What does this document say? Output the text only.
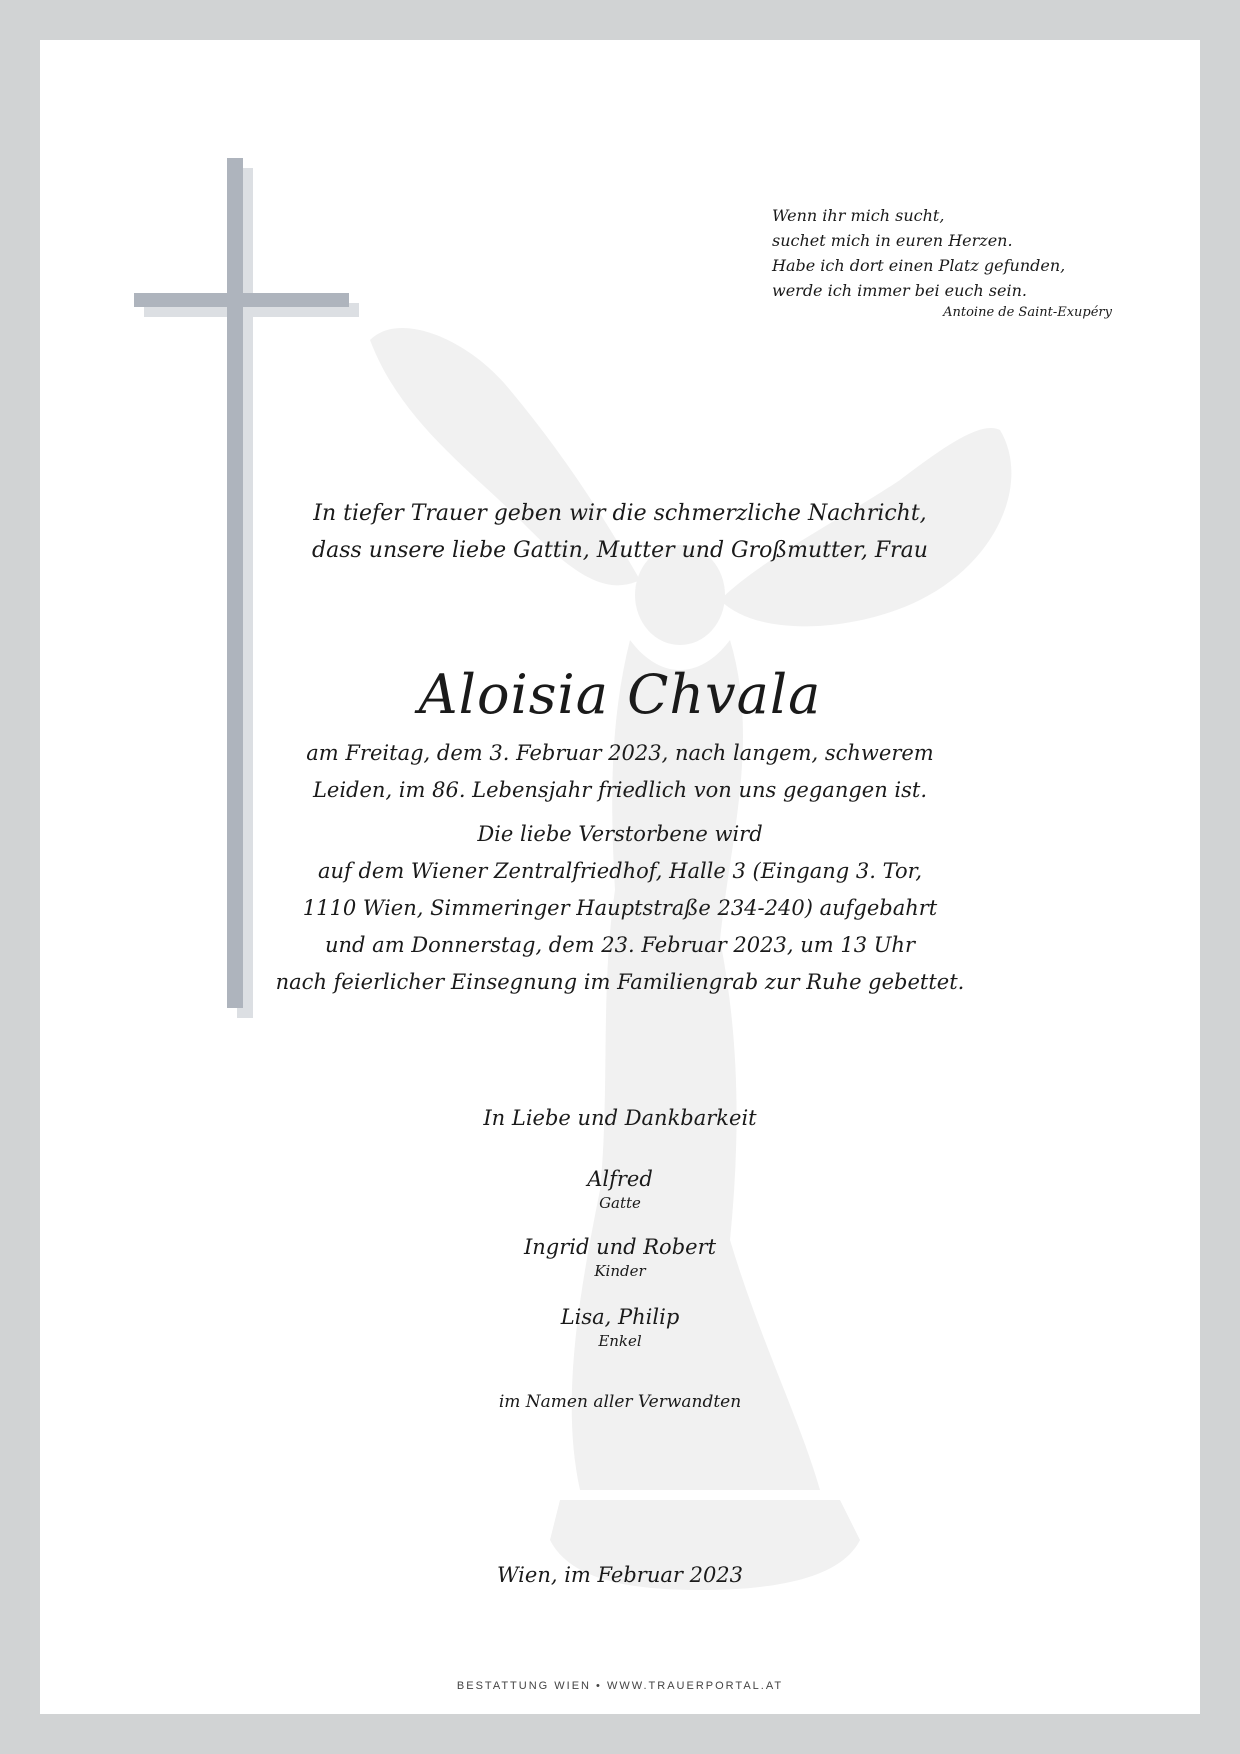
Wenn ihr mich sucht,
suchet mich in euren Herzen.
Habe ich dort einen Platz gefunden,
werde ich immer bei euch sein.
Antoine de Saint-Exupéry
In tiefer Trauer geben wir die schmerzliche Nachricht,
dass unsere liebe Gattin, Mutter und Großmutter, Frau
Aloisia Chvala
am Freitag, dem 3. Februar 2023, nach langem, schwerem
Leiden, im 86. Lebensjahr friedlich von uns gegangen ist.
Die liebe Verstorbene wird
auf dem Wiener Zentralfriedhof, Halle 3 (Eingang 3. Tor,
1110 Wien, Simmeringer Hauptstraße 234-240) aufgebahrt
und am Donnerstag, dem 23. Februar 2023, um 13 Uhr
nach feierlicher Einsegnung im Familiengrab zur Ruhe gebettet.
In Liebe und Dankbarkeit
Alfred
Gatte
Ingrid und Robert
Kinder
Lisa, Philip
Enkel
im Namen aller Verwandten
Wien, im Februar 2023
BESTATTUNG WIEN • WWW.TRAUERPORTAL.AT
